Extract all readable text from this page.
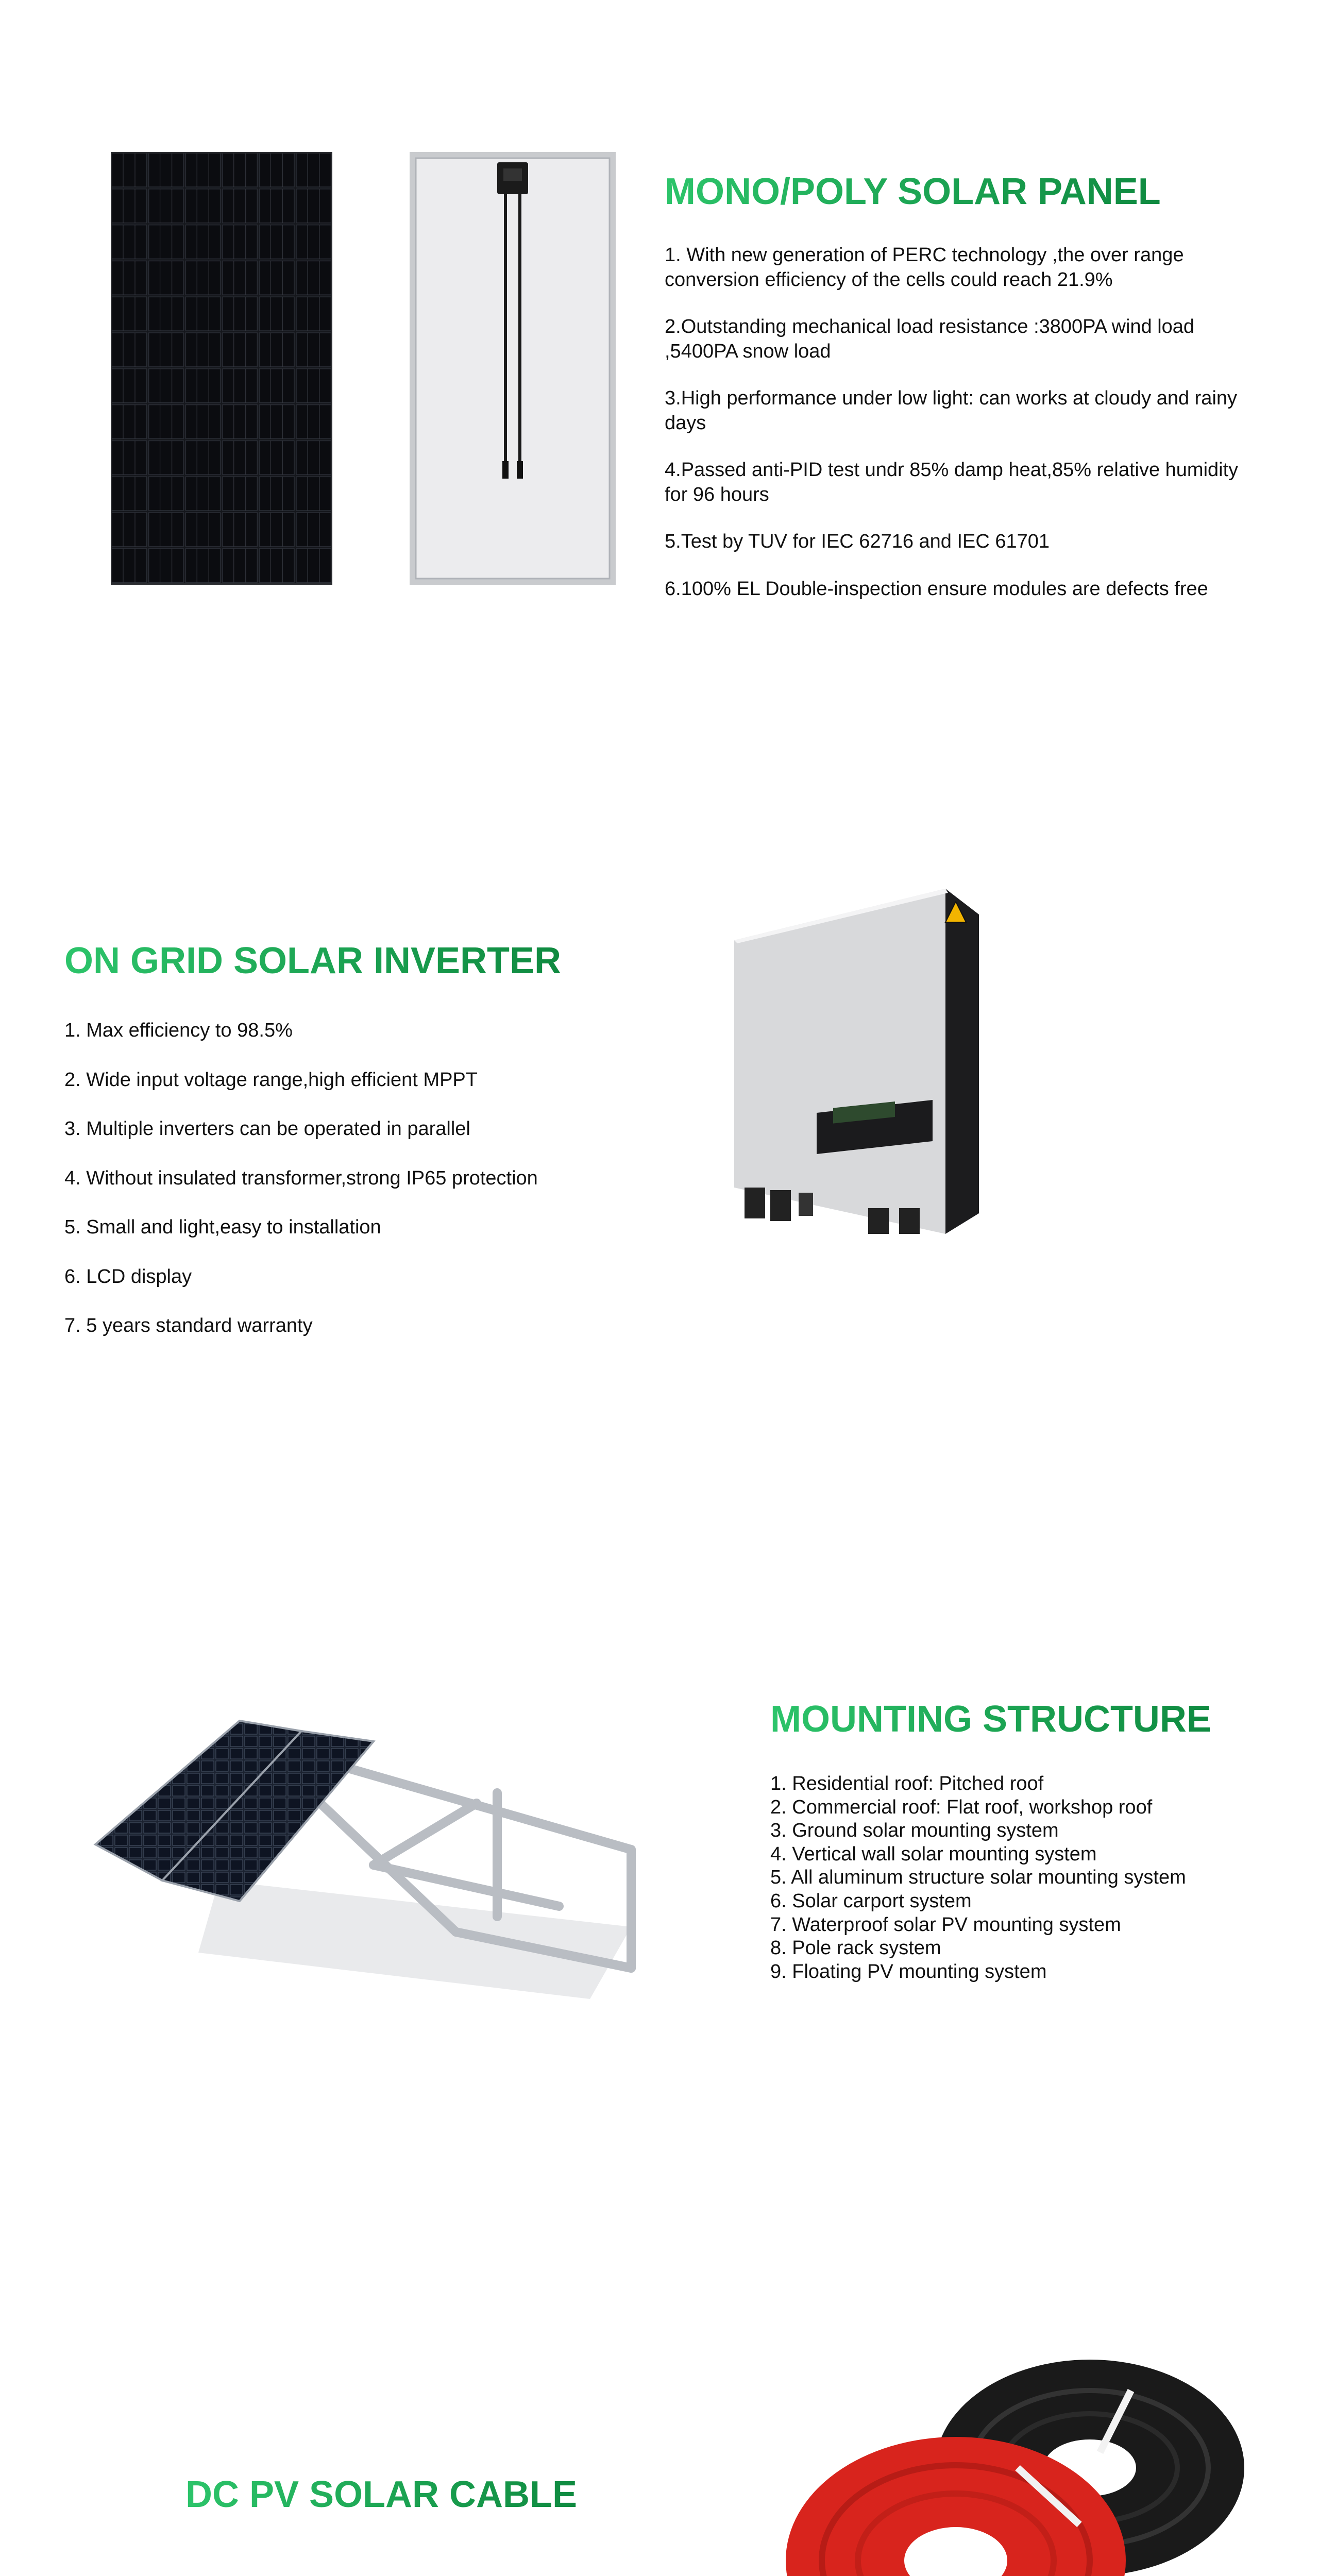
MONO/POLY SOLAR PANEL
1. With new generation of PERC technology ,the over range conversion efficiency of the cells could reach 21.9%
2.Outstanding mechanical load resistance :3800PA wind load ,5400PA snow load
3.High performance under low light: can works at cloudy and rainy days
4.Passed anti-PID test undr 85% damp heat,85% relative humidity for 96 hours
5.Test by TUV for IEC 62716 and IEC 61701
6.100% EL Double-inspection ensure modules are defects free
ON GRID SOLAR INVERTER
1. Max efficiency to 98.5%
2. Wide input voltage range,high efficient MPPT
3. Multiple inverters can be operated in parallel
4. Without insulated transformer,strong IP65 protection
5. Small and light,easy to installation
6. LCD display
7. 5 years standard warranty
MOUNTING STRUCTURE
1. Residential roof: Pitched roof
2. Commercial roof: Flat roof, workshop roof
3. Ground solar mounting system
4. Vertical wall solar mounting system
5. All aluminum structure solar mounting system
6. Solar carport system
7. Waterproof solar PV mounting system
8. Pole rack system
9. Floating PV mounting system
DC PV SOLAR CABLE
